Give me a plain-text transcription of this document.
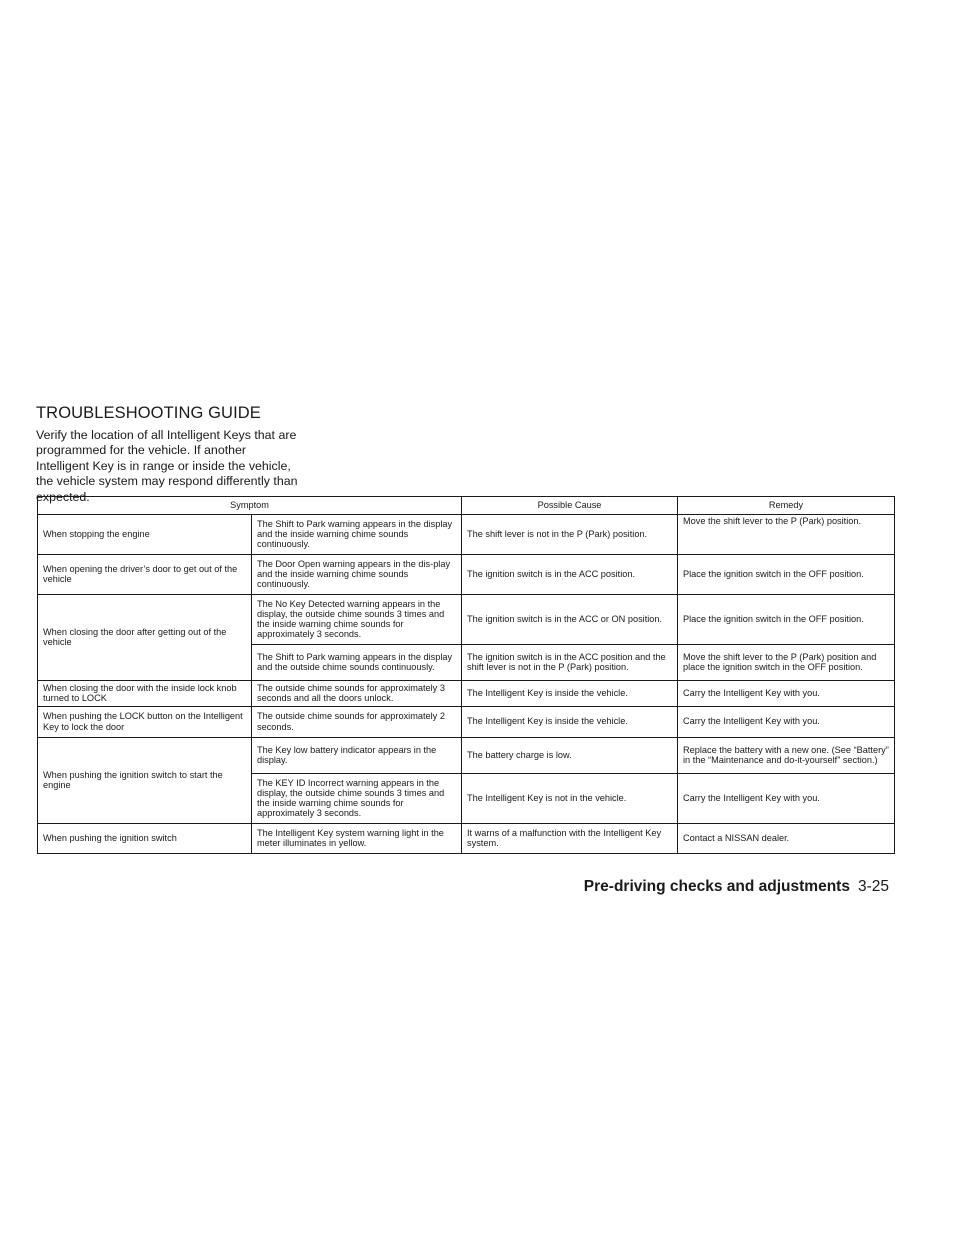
TROUBLESHOOTING GUIDE

Verify the location of all Intelligent Keys that are programmed for the vehicle. If another Intelligent Key is in range or inside the vehicle, the vehicle system may respond differently than expected.

Symptom		Possible Cause	Remedy
When stopping the engine	The Shift to Park warning appears in the display and the inside warning chime sounds continuously.	The shift lever is not in the P (Park) position.	Move the shift lever to the P (Park) position.
When opening the driver’s door to get out of the vehicle	The Door Open warning appears in the dis-play and the inside warning chime sounds continuously.	The ignition switch is in the ACC position.	Place the ignition switch in the OFF position.
When closing the door after getting out of the vehicle	The No Key Detected warning appears in the display, the outside chime sounds 3 times and the inside warning chime sounds for approximately 3 seconds.	The ignition switch is in the ACC or ON position.	Place the ignition switch in the OFF position.
	The Shift to Park warning appears in the display and the outside chime sounds continuously.	The ignition switch is in the ACC position and the shift lever is not in the P (Park) position.	Move the shift lever to the P (Park) position and place the ignition switch in the OFF position.
When closing the door with the inside lock knob turned to LOCK	The outside chime sounds for approximately 3 seconds and all the doors unlock.	The Intelligent Key is inside the vehicle.	Carry the Intelligent Key with you.
When pushing the LOCK button on the Intelligent Key to lock the door	The outside chime sounds for approximately 2 seconds.	The Intelligent Key is inside the vehicle.	Carry the Intelligent Key with you.
When pushing the ignition switch to start the engine	The Key low battery indicator appears in the display.	The battery charge is low.	Replace the battery with a new one. (See “Battery” in the “Maintenance and do-it-yourself” section.)
	The KEY ID Incorrect warning appears in the display, the outside chime sounds 3 times and the inside warning chime sounds for approximately 3 seconds.	The Intelligent Key is not in the vehicle.	Carry the Intelligent Key with you.
When pushing the ignition switch	The Intelligent Key system warning light in the meter illuminates in yellow.	It warns of a malfunction with the Intelligent Key system.	Contact a NISSAN dealer.
Pre-driving checks and adjustments 3-25
